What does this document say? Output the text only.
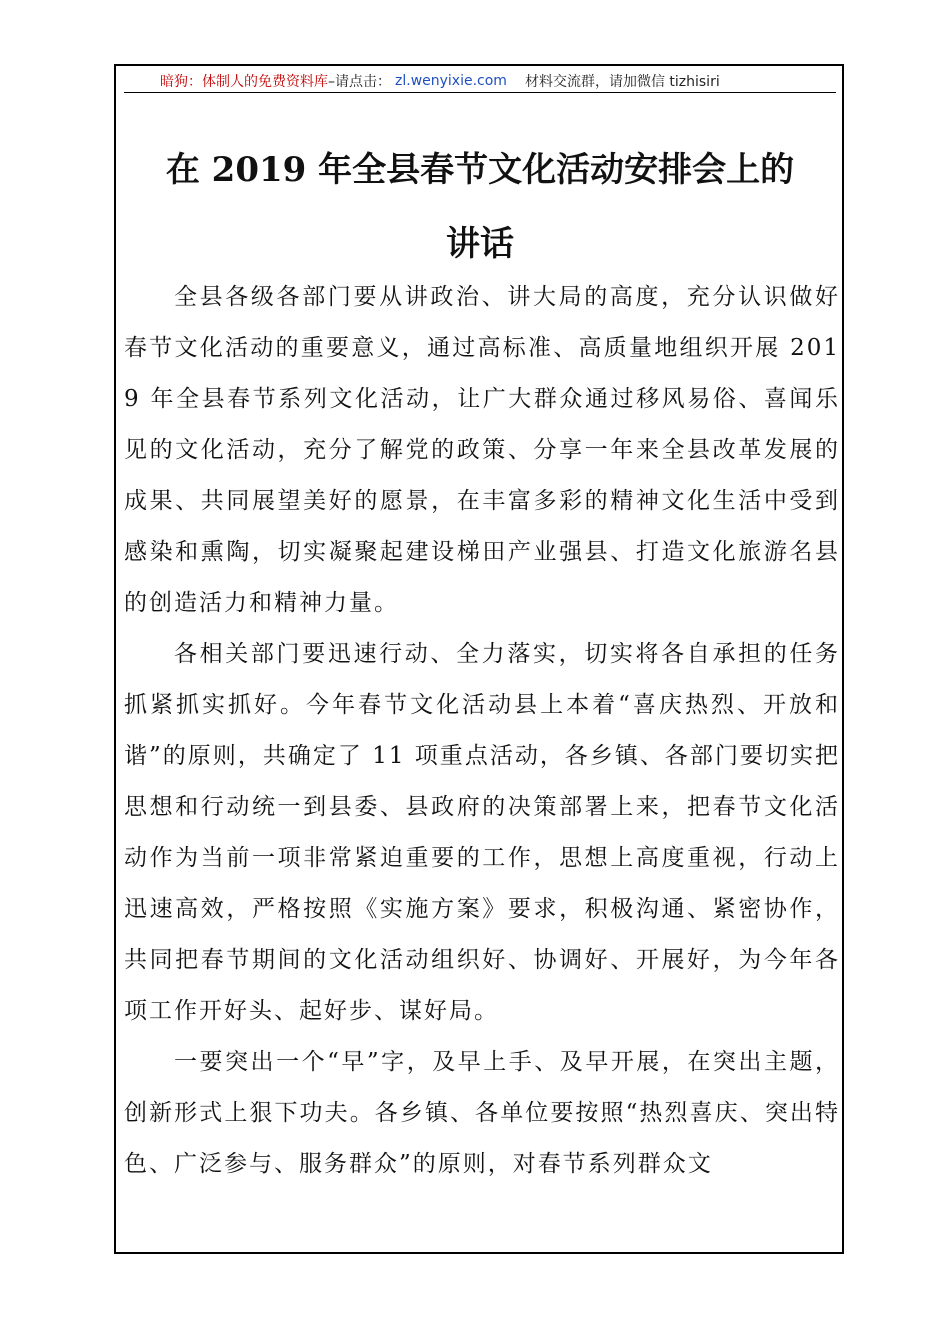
暗狗：体制人的免费资料库 –请点击： zl.wenyixie.com 材料交流群，请加微信 tizhisiri
在 2019 年全县春节文化活动安排会上的
讲话

全县各级各部门要从讲政治、讲大局的高度，充分认识做好春节文化活动的重要意义，通过高标准、高质量地组织开展 2019 年全县春节系列文化活动，让广大群众通过移风易俗、喜闻乐见的文化活动，充分了解党的政策、分享一年来全县改革发展的成果、共同展望美好的愿景，在丰富多彩的精神文化生活中受到感染和熏陶，切实凝聚起建设梯田产业强县、打造文化旅游名县的创造活力和精神力量。

各相关部门要迅速行动、全力落实，切实将各自承担的任务抓紧抓实抓好。今年春节文化活动县上本着“喜庆热烈、开放和谐”的原则，共确定了 11 项重点活动，各乡镇、各部门要切实把思想和行动统一到县委、县政府的决策部署上来，把春节文化活动作为当前一项非常紧迫重要的工作，思想上高度重视，行动上迅速高效，严格按照《实施方案》要求，积极沟通、紧密协作，共同把春节期间的文化活动组织好、协调好、开展好，为今年各项工作开好头、起好步、谋好局。

一要突出一个“早”字，及早上手、及早开展，在突出主题，创新形式上狠下功夫。各乡镇、各单位要按照“热烈喜庆、突出特色、广泛参与、服务群众”的原则，对春节系列群众文
